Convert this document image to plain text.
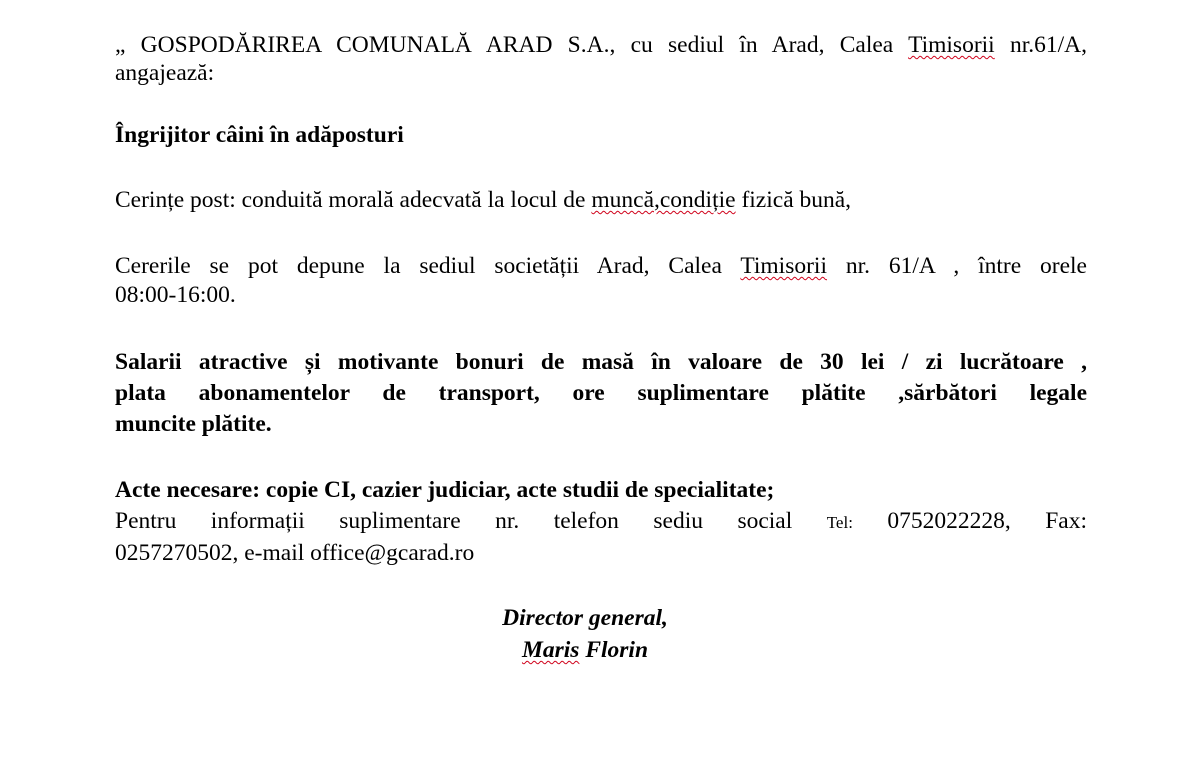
„ GOSPODĂRIREA COMUNALĂ ARAD S.A., cu sediul în Arad, Calea Timisorii nr.61/A,
angajează:
Îngrijitor câini în adăposturi
Cerințe post: conduită morală adecvată la locul de muncă,condiție fizică bună,
Cererile se pot depune la sediul societății Arad, Calea Timisorii nr. 61/A , între orele
08:00-16:00.
Salarii atractive și motivante bonuri de masă în valoare de 30 lei / zi lucrătoare ,
plata abonamentelor de transport, ore suplimentare plătite ,sărbători legale
muncite plătite.
Acte necesare: copie CI, cazier judiciar, acte studii de specialitate;
Pentru informații suplimentare nr. telefon sediu social Tel: 0752022228, Fax:
0257270502, e-mail office@gcarad.ro
Director general,
Maris Florin
